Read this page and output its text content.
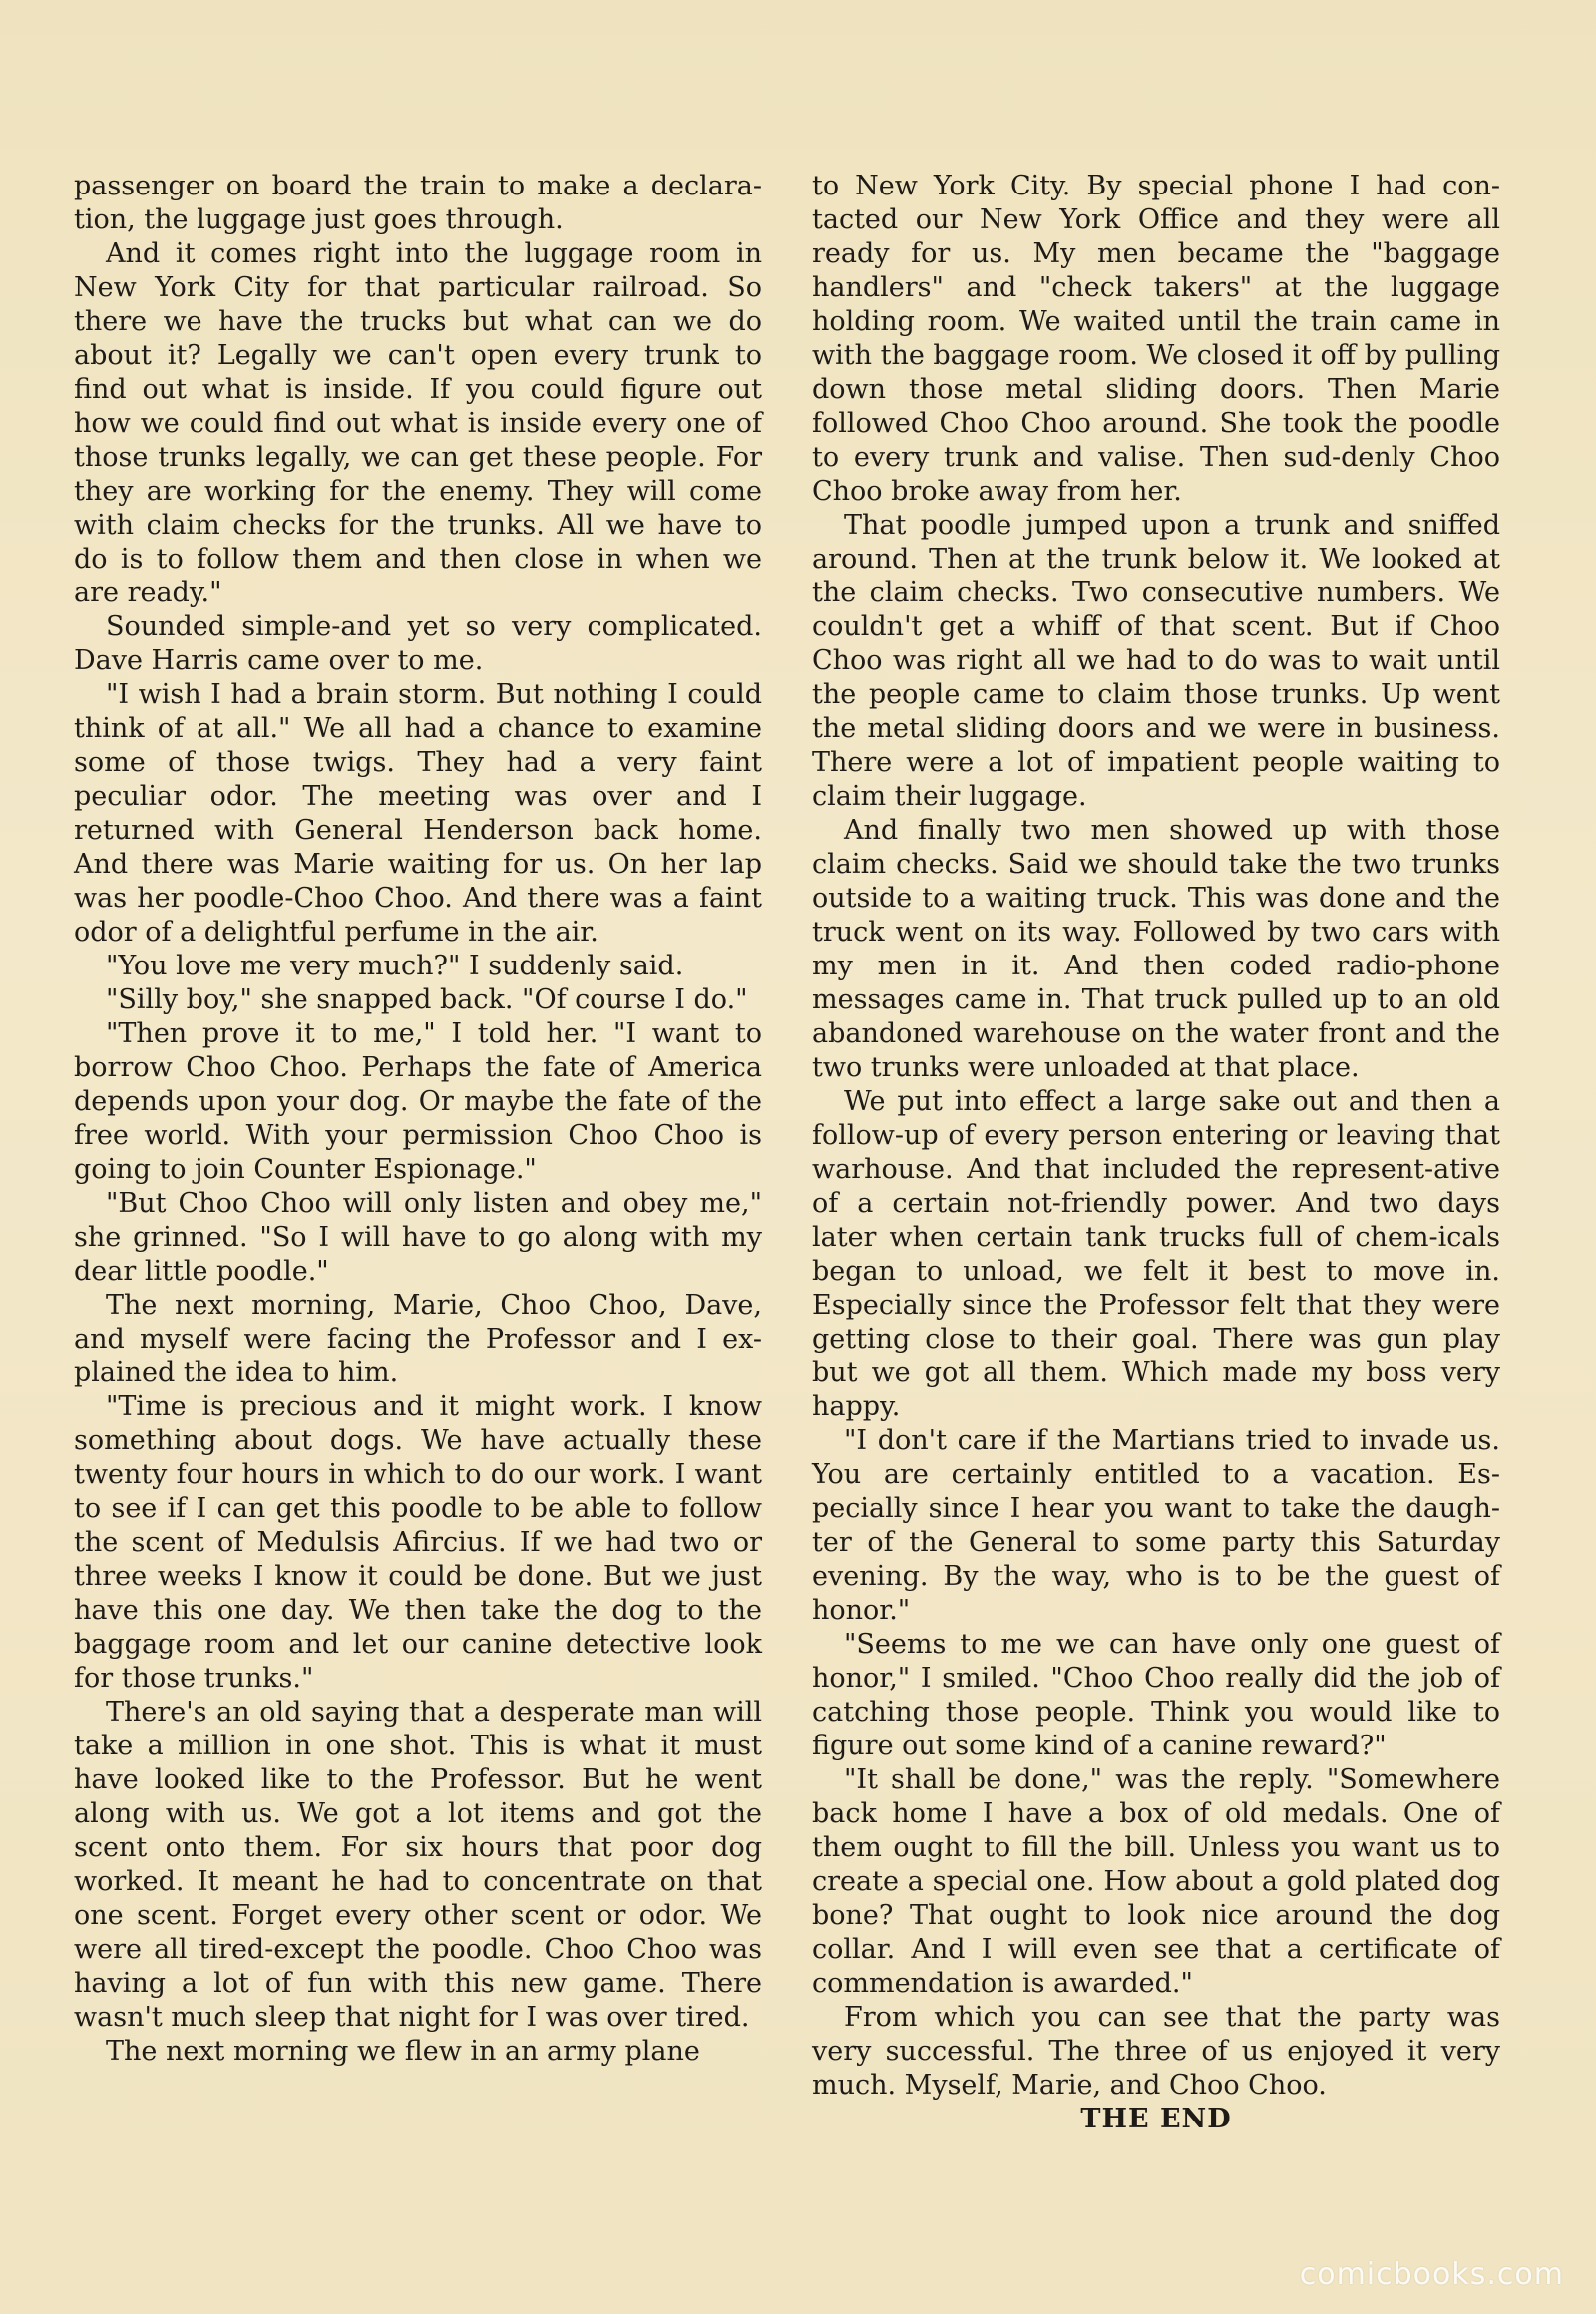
passenger on board the train to make a declara-tion, the luggage just goes through.

And it comes right into the luggage room in New York City for that particular railroad. So there we have the trucks but what can we do about it? Legally we can't open every trunk to find out what is inside. If you could figure out how we could find out what is inside every one of those trunks legally, we can get these people. For they are working for the enemy. They will come with claim checks for the trunks. All we have to do is to follow them and then close in when we are ready."

Sounded simple-and yet so very complicated. Dave Harris came over to me.

"I wish I had a brain storm. But nothing I could think of at all." We all had a chance to examine some of those twigs. They had a very faint peculiar odor. The meeting was over and I returned with General Henderson back home. And there was Marie waiting for us. On her lap was her poodle-Choo Choo. And there was a faint odor of a delightful perfume in the air.

"You love me very much?" I suddenly said.

"Silly boy," she snapped back. "Of course I do."

"Then prove it to me," I told her. "I want to borrow Choo Choo. Perhaps the fate of America depends upon your dog. Or maybe the fate of the free world. With your permission Choo Choo is going to join Counter Espionage."

"But Choo Choo will only listen and obey me," she grinned. "So I will have to go along with my dear little poodle."

The next morning, Marie, Choo Choo, Dave, and myself were facing the Professor and I ex-plained the idea to him.

"Time is precious and it might work. I know something about dogs. We have actually these twenty four hours in which to do our work. I want to see if I can get this poodle to be able to follow the scent of Medulsis Afircius. If we had two or three weeks I know it could be done. But we just have this one day. We then take the dog to the baggage room and let our canine detective look for those trunks."

There's an old saying that a desperate man will take a million in one shot. This is what it must have looked like to the Professor. But he went along with us. We got a lot items and got the scent onto them. For six hours that poor dog worked. It meant he had to concentrate on that one scent. Forget every other scent or odor. We were all tired-except the poodle. Choo Choo was having a lot of fun with this new game. There wasn't much sleep that night for I was over tired.

The next morning we flew in an army plane

to New York City. By special phone I had con-tacted our New York Office and they were all ready for us. My men became the "baggage handlers" and "check takers" at the luggage holding room. We waited until the train came in with the baggage room. We closed it off by pulling down those metal sliding doors. Then Marie followed Choo Choo around. She took the poodle to every trunk and valise. Then sud-denly Choo Choo broke away from her.

That poodle jumped upon a trunk and sniffed around. Then at the trunk below it. We looked at the claim checks. Two consecutive numbers. We couldn't get a whiff of that scent. But if Choo Choo was right all we had to do was to wait until the people came to claim those trunks. Up went the metal sliding doors and we were in business. There were a lot of impatient people waiting to claim their luggage.

And finally two men showed up with those claim checks. Said we should take the two trunks outside to a waiting truck. This was done and the truck went on its way. Followed by two cars with my men in it. And then coded radio-phone messages came in. That truck pulled up to an old abandoned warehouse on the water front and the two trunks were unloaded at that place.

We put into effect a large sake out and then a follow-up of every person entering or leaving that warhouse. And that included the represent-ative of a certain not-friendly power. And two days later when certain tank trucks full of chem-icals began to unload, we felt it best to move in. Especially since the Professor felt that they were getting close to their goal. There was gun play but we got all them. Which made my boss very happy.

"I don't care if the Martians tried to invade us. You are certainly entitled to a vacation. Es-pecially since I hear you want to take the daugh-ter of the General to some party this Saturday evening. By the way, who is to be the guest of honor."

"Seems to me we can have only one guest of honor," I smiled. "Choo Choo really did the job of catching those people. Think you would like to figure out some kind of a canine reward?"

"It shall be done," was the reply. "Somewhere back home I have a box of old medals. One of them ought to fill the bill. Unless you want us to create a special one. How about a gold plated dog bone? That ought to look nice around the dog collar. And I will even see that a certificate of commendation is awarded."

From which you can see that the party was very successful. The three of us enjoyed it very much. Myself, Marie, and Choo Choo.

THE END
comicbooks.com
